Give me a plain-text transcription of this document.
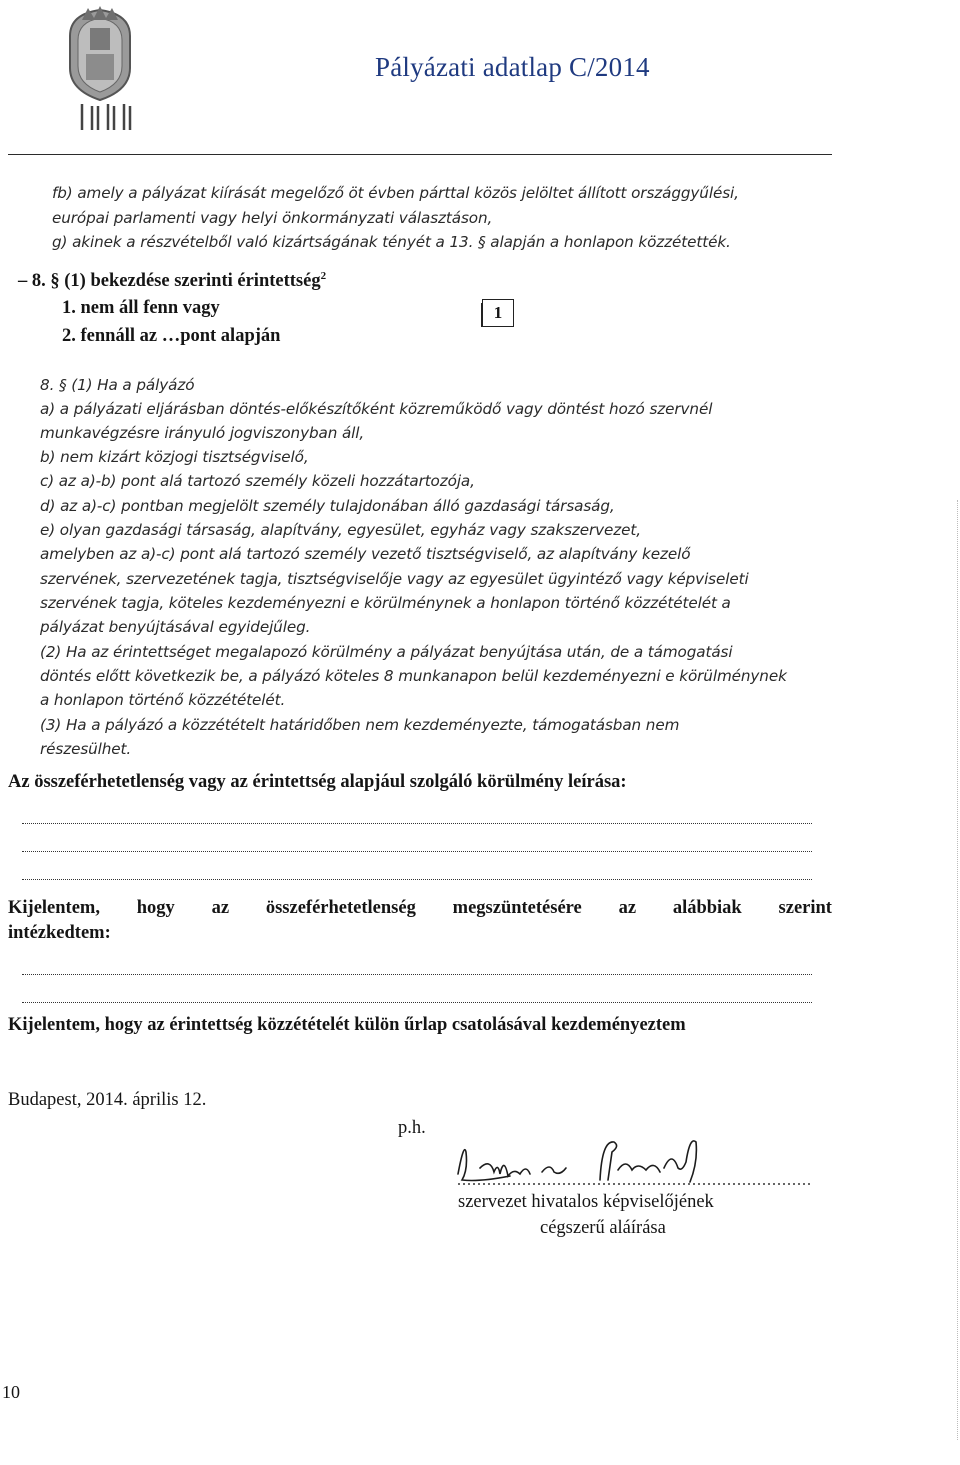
Pályázati adatlap C/2014
fb) amely a pályázat kiírását megelőző öt évben párttal közös jelöltet állított országgyűlési,
európai parlamenti vagy helyi önkormányzati választáson,
g) akinek a részvételből való kizártságának tényét a 13. § alapján a honlapon közzétették.
– 8. § (1) bekezdése szerinti érintettség$^2$
1. nem áll fenn vagy
2. fennáll az …pont alapján
1
8. § (1) Ha a pályázó
a) a pályázati eljárásban döntés-előkészítőként közreműködő vagy döntést hozó szervnél
munkavégzésre irányuló jogviszonyban áll,
b) nem kizárt közjogi tisztségviselő,
c) az a)-b) pont alá tartozó személy közeli hozzátartozója,
d) az a)-c) pontban megjelölt személy tulajdonában álló gazdasági társaság,
e) olyan gazdasági társaság, alapítvány, egyesület, egyház vagy szakszervezet,
amelyben az a)-c) pont alá tartozó személy vezető tisztségviselő, az alapítvány kezelő
szervének, szervezetének tagja, tisztségviselője vagy az egyesület ügyintéző vagy képviseleti
szervének tagja, köteles kezdeményezni e körülménynek a honlapon történő közzétételét a
pályázat benyújtásával egyidejűleg.
(2) Ha az érintettséget megalapozó körülmény a pályázat benyújtása után, de a támogatási
döntés előtt következik be, a pályázó köteles 8 munkanapon belül kezdeményezni e körülménynek
a honlapon történő közzétételét.
(3) Ha a pályázó a közzétételt határidőben nem kezdeményezte, támogatásban nem
részesülhet.
Az összeférhetetlenség vagy az érintettség alapjául szolgáló körülmény leírása:
Kijelentem, hogy az összeférhetetlenség megszüntetésére az alábbiak szerint
intézkedtem:
Kijelentem, hogy az érintettség közzétételét külön űrlap csatolásával kezdeményeztem
Budapest, 2014. április 12.
p.h.
szervezet hivatalos képviselőjének
cégszerű aláírása
10
